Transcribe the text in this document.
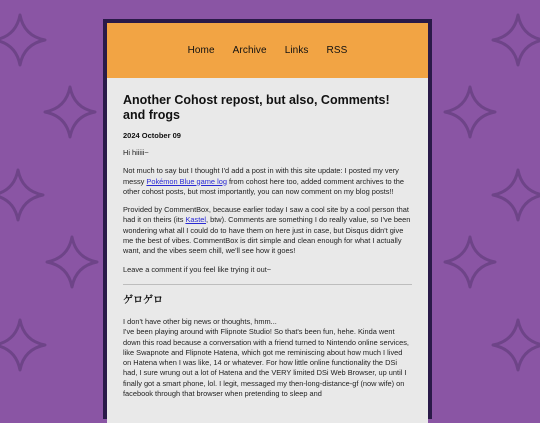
Home Archive Links RSS
Another Cohost repost, but also, Comments! and frogs

2024 October 09

Hi hiiiii~

Not much to say but I thought I'd add a post in with this site update: I posted my very messy Pokémon Blue game log from cohost here too, added comment archives to the other cohost posts, but most importantly, you can now comment on my blog posts!!

Provided by CommentBox, because earlier today I saw a cool site by a cool person that had it on theirs (its Kastel, btw). Comments are something I do really value, so I've been wondering what all I could do to have them on here just in case, but Disqus didn't give me the best of vibes. CommentBox is dirt simple and clean enough for what I actually want, and the vibes seem chill, we'll see how it goes!

Leave a comment if you feel like trying it out~

ゲロゲロ

I don't have other big news or thoughts, hmm...

I've been playing around with Flipnote Studio! So that's been fun, hehe. Kinda went down this road because a conversation with a friend turned to Nintendo online services, like Swapnote and Flipnote Hatena, which got me reminiscing about how much I lived on Hatena when I was like, 14 or whatever. For how little online functionality the DSi had, I sure wrung out a lot of Hatena and the VERY limited DSi Web Browser, up until I finally got a smart phone, lol. I legit, messaged my then-long-distance-gf (now wife) on facebook through that browser when pretending to sleep and
